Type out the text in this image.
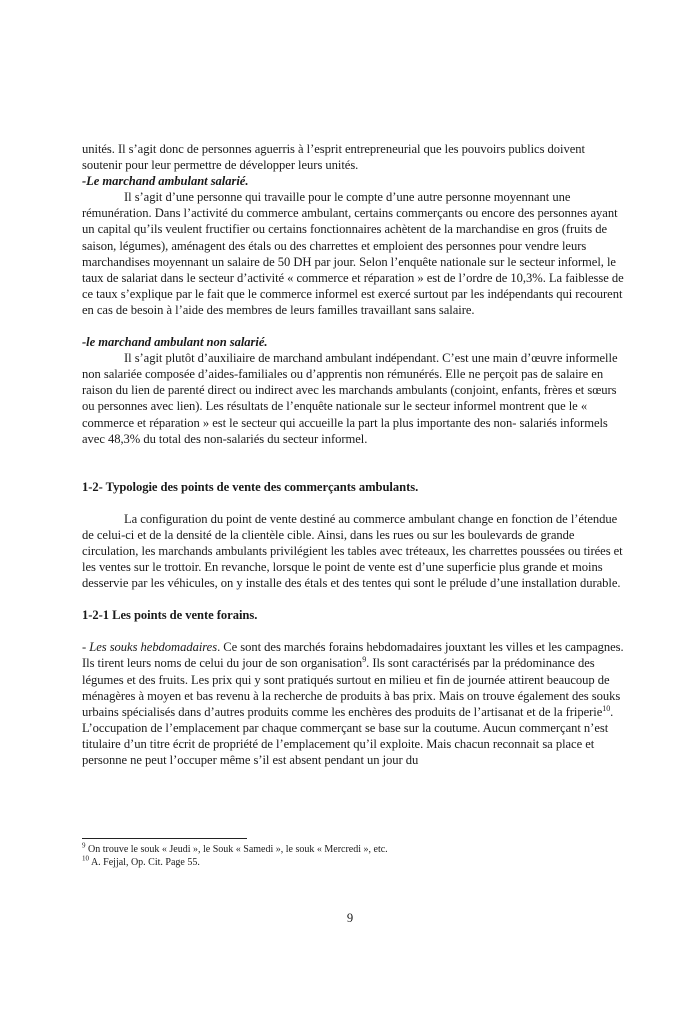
unités. Il s’agit donc de personnes aguerris à l’esprit entrepreneurial que les pouvoirs publics doivent soutenir pour leur permettre de développer leurs unités.

-Le marchand ambulant salarié.

Il s’agit d’une personne qui travaille pour le compte d’une autre personne moyennant une rémunération. Dans l’activité du commerce ambulant, certains commerçants ou encore des personnes ayant un capital qu’ils veulent fructifier ou certains fonctionnaires achètent de la marchandise en gros (fruits de saison, légumes), aménagent des étals ou des charrettes et emploient des personnes pour vendre leurs marchandises moyennant un salaire de 50 DH par jour. Selon l’enquête nationale sur le secteur informel, le taux de salariat dans le secteur d’activité « commerce et réparation » est de l’ordre de 10,3%. La faiblesse de ce taux s’explique par le fait que le commerce informel est exercé surtout par les indépendants qui recourent en cas de besoin à l’aide des membres de leurs familles travaillant sans salaire.

-le marchand ambulant non salarié.

Il s’agit plutôt d’auxiliaire de marchand ambulant indépendant. C’est une main d’œuvre informelle non salariée composée d’aides-familiales ou d’apprentis non rémunérés. Elle ne perçoit pas de salaire en raison du lien de parenté direct ou indirect avec les marchands ambulants (conjoint, enfants, frères et sœurs ou personnes avec lien). Les résultats de l’enquête nationale sur le secteur informel montrent que le « commerce et réparation » est le secteur qui accueille la part la plus importante des non- salariés informels avec 48,3% du total des non-salariés du secteur informel.

1-2- Typologie des points de vente des commerçants ambulants.

La configuration du point de vente destiné au commerce ambulant change en fonction de l’étendue de celui-ci et de la densité de la clientèle cible. Ainsi, dans les rues ou sur les boulevards de grande circulation, les marchands ambulants privilégient les tables avec tréteaux, les charrettes poussées ou tirées et les ventes sur le trottoir. En revanche, lorsque le point de vente est d’une superficie plus grande et moins desservie par les véhicules, on y installe des étals et des tentes qui sont le prélude d’une installation durable.

1-2-1 Les points de vente forains.

- Les souks hebdomadaires. Ce sont des marchés forains hebdomadaires jouxtant les villes et les campagnes. Ils tirent leurs noms de celui du jour de son organisation$^9$. Ils sont caractérisés par la prédominance des légumes et des fruits. Les prix qui y sont pratiqués surtout en milieu et fin de journée attirent beaucoup de ménagères à moyen et bas revenu à la recherche de produits à bas prix. Mais on trouve également des souks urbains spécialisés dans d’autres produits comme les enchères des produits de l’artisanat et de la friperie$^{10}$.

L’occupation de l’emplacement par chaque commerçant se base sur la coutume. Aucun commerçant n’est titulaire d’un titre écrit de propriété de l’emplacement qu’il exploite. Mais chacun reconnait sa place et personne ne peut l’occuper même s’il est absent pendant un jour du

$^9$ On trouve le souk « Jeudi », le Souk « Samedi », le souk « Mercredi », etc.

$^{10}$ A. Fejjal, Op. Cit. Page 55.

9
